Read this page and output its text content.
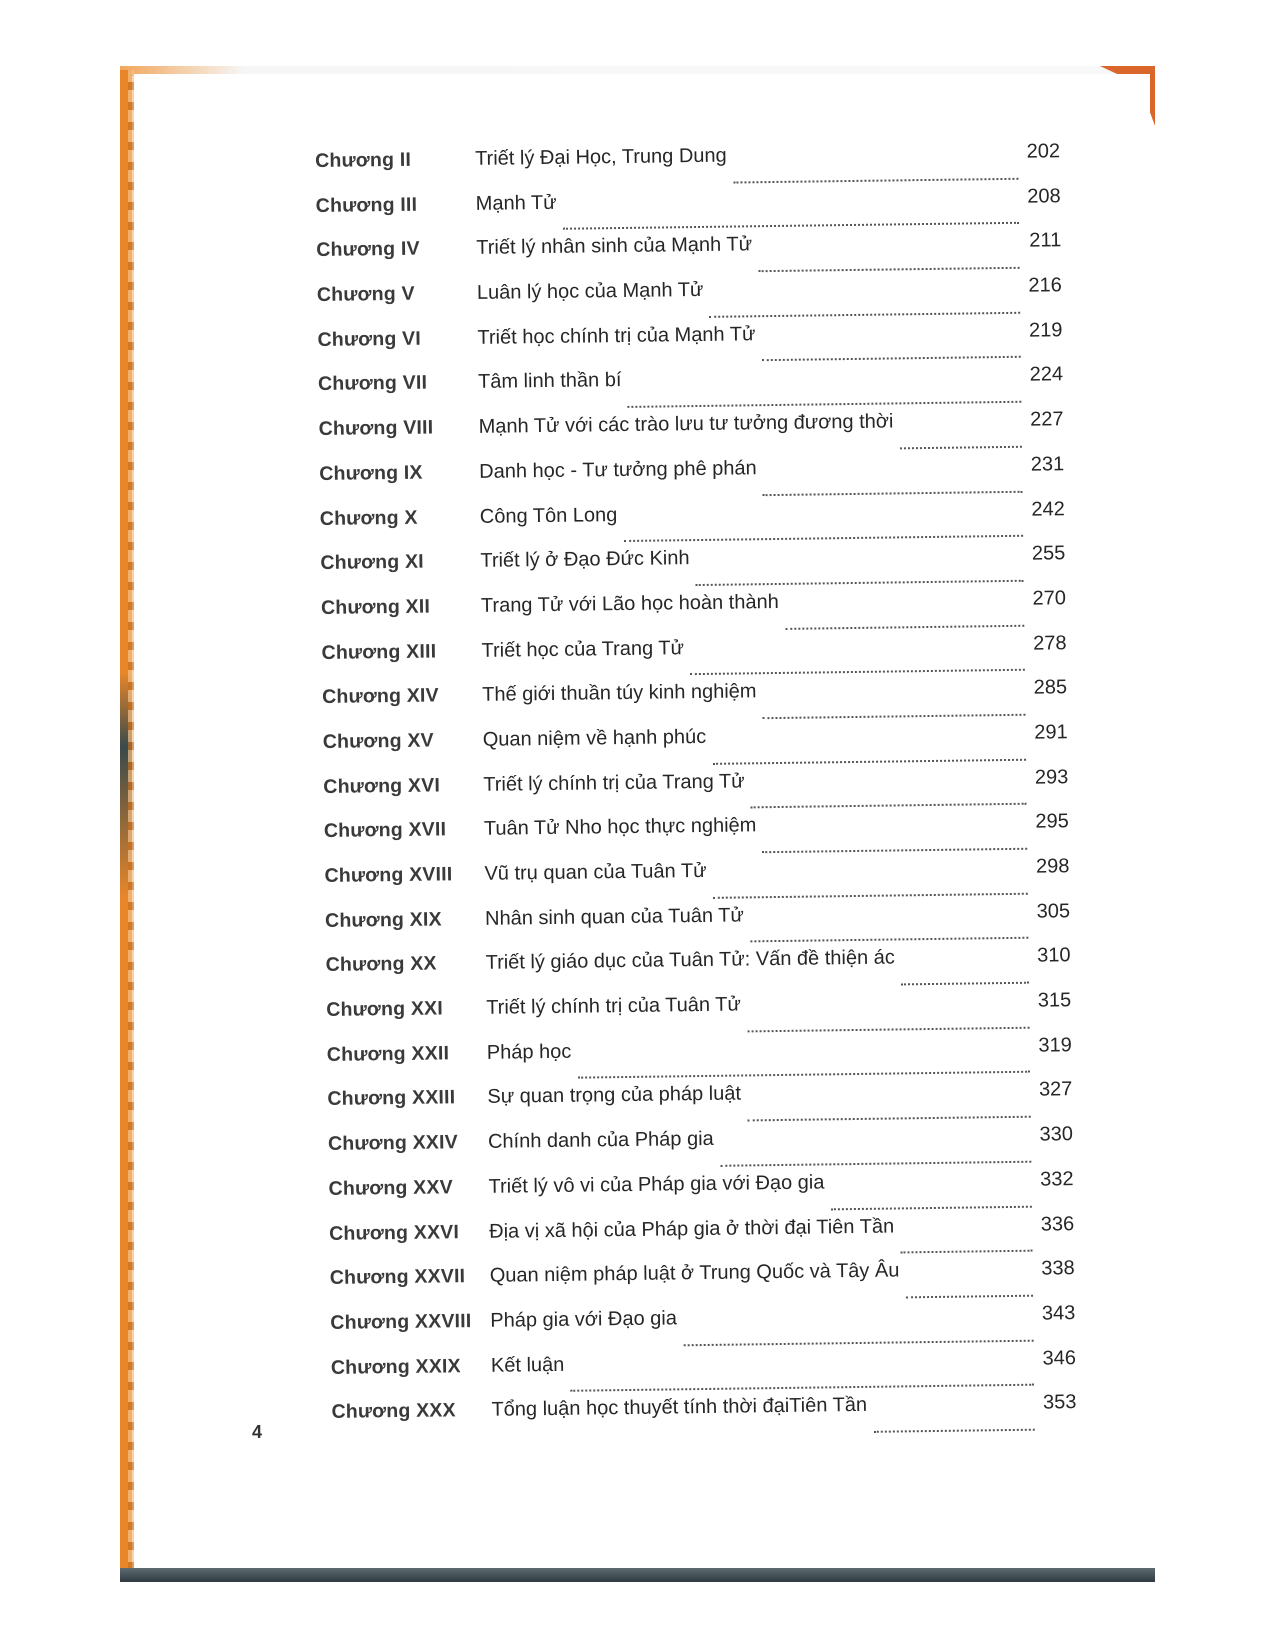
Chương II	Triết lý Đại Học, Trung Dung	202
Chương III	Mạnh Tử	208
Chương IV	Triết lý nhân sinh của Mạnh Tử	211
Chương V	Luân lý học của Mạnh Tử	216
Chương VI	Triết học chính trị của Mạnh Tử	219
Chương VII	Tâm linh thần bí	224
Chương VIII	Mạnh Tử với các trào lưu tư tưởng đương thời	227
Chương IX	Danh học - Tư tưởng phê phán	231
Chương X	Công Tôn Long	242
Chương XI	Triết lý ở Đạo Đức Kinh	255
Chương XII	Trang Tử với Lão học hoàn thành	270
Chương XIII	Triết học của Trang Tử	278
Chương XIV	Thế giới thuần túy kinh nghiệm	285
Chương XV	Quan niệm về hạnh phúc	291
Chương XVI	Triết lý chính trị của Trang Tử	293
Chương XVII	Tuân Tử Nho học thực nghiệm	295
Chương XVIII	Vũ trụ quan của Tuân Tử	298
Chương XIX	Nhân sinh quan của Tuân Tử	305
Chương XX	Triết lý giáo dục của Tuân Tử: Vấn đề thiện ác	310
Chương XXI	Triết lý chính trị của Tuân Tử	315
Chương XXII	Pháp học	319
Chương XXIII	Sự quan trọng của pháp luật	327
Chương XXIV	Chính danh của Pháp gia	330
Chương XXV	Triết lý vô vi của Pháp gia với Đạo gia	332
Chương XXVI	Địa vị xã hội của Pháp gia ở thời đại Tiên Tần	336
Chương XXVII	Quan niệm pháp luật ở Trung Quốc và Tây Âu	338
Chương XXVIII Pháp gia với Đạo gia	343
Chương XXIX	Kết luận	346
Chương XXX	Tổng luận học thuyết tính thời đạiTiên Tần	353
4
